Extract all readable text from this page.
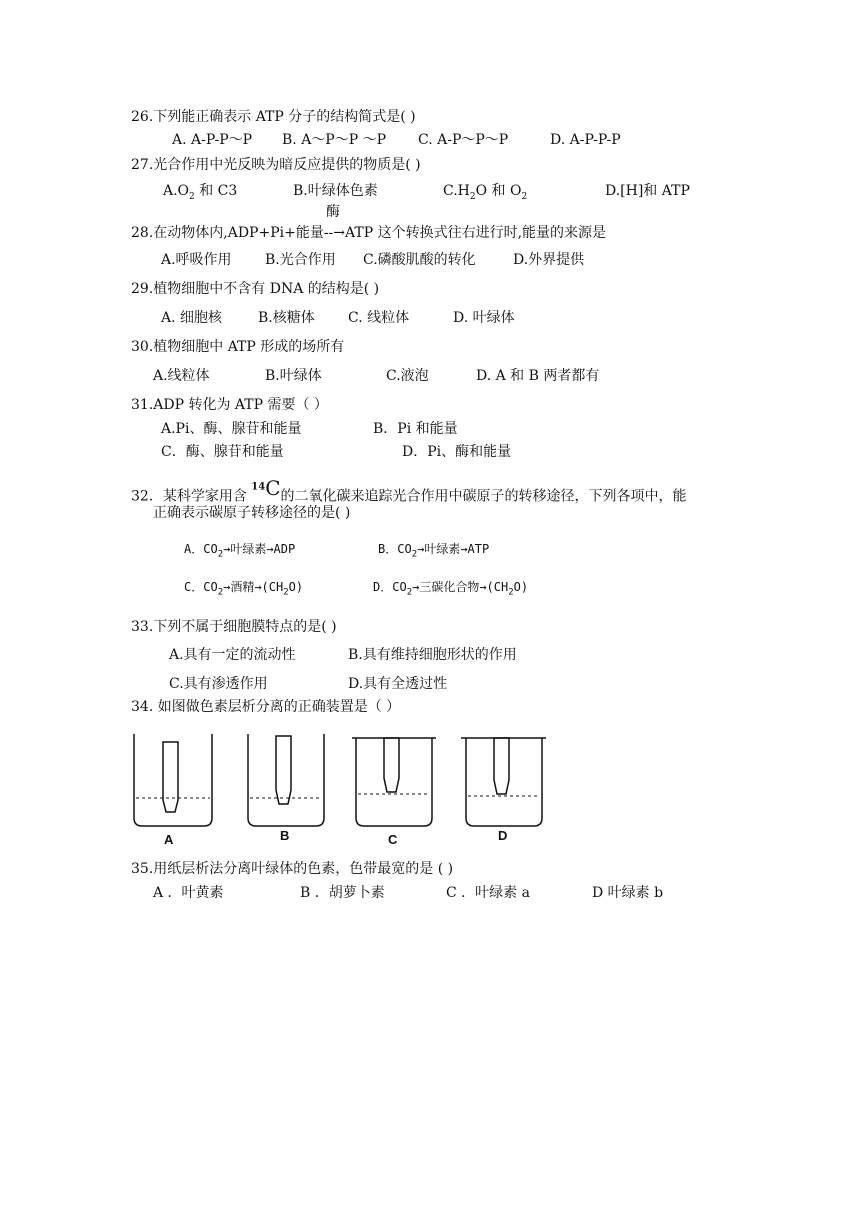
26.下列能正确表示 ATP 分子的结构简式是( )
A. A-P-P～P B. A～P～P ～P C. A-P～P～P	D. A-P-P-P
27.光合作用中光反映为暗反应提供的物质是( )
$A.O_2$ 和 C3	B.叶绿体色素
酶
$C.H_2O$ 和 $O_2$	D.[H]和 ATP
28.在动物体内,ADP+Pi+能量--→ATP 这个转换式往右进行时,能量的来源是
A.呼吸作用 B.光合作用 C.磷酸肌酸的转化	D.外界提供
29.植物细胞中不含有 DNA 的结构是( )
A. 细胞核	B.核糖体 C. 线粒体	D. 叶绿体
30.植物细胞中 ATP 形成的场所有
A.线粒体	B.叶绿体	C.液泡	D. A 和 B 两者都有
31.ADP 转化为 ATP 需要（ ）
A.Pi、酶、腺苷和能量	B．Pi 和能量
C．酶、腺苷和能量	D．Pi、酶和能量
32．某科学家用含 $^{14}$C的二氧化碳来追踪光合作用中碳原子的转移途径，下列各项中，能
正确表示碳原子转移途径的是( )
A．$CO_2\to$叶绿素→ADP	B．$CO_2\to$叶绿素→ATP
C．$CO_2\to$酒精$\to(CH_2O)$	D．$CO_2\to$三碳化合物$\to(CH_2O)$
33.下列不属于细胞膜特点的是( )
A.具有一定的流动性	B.具有维持细胞形状的作用
C.具有渗透作用	D.具有全透过性
34. 如图做色素层析分离的正确装置是（ ）
A	B	C	D
35.用纸层析法分离叶绿体的色素，色带最宽的是 ( )
A ．叶黄素	B ．胡萝卜素	C ．叶绿素 a	D 叶绿素 b
